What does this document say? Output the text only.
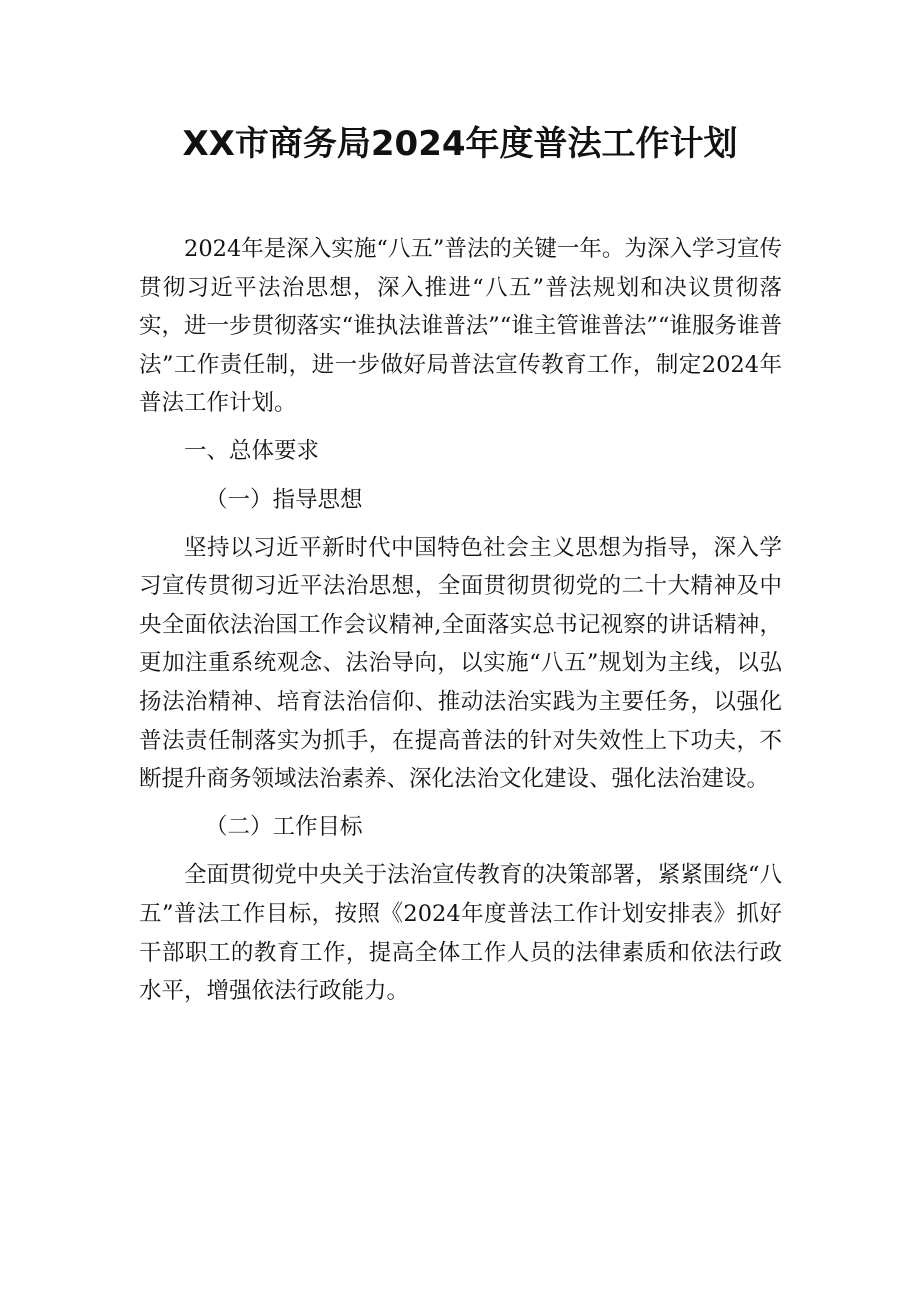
XX市商务局2024年度普法工作计划

2024年是深入实施“八五”普法的关键一年。为深入学习宣传贯彻习近平法治思想，深入推进“八五”普法规划和决议贯彻落实，进一步贯彻落实“谁执法谁普法”“谁主管谁普法”“谁服务谁普法”工作责任制，进一步做好局普法宣传教育工作，制定2024年普法工作计划。

一、总体要求

（一）指导思想

坚持以习近平新时代中国特色社会主义思想为指导，深入学习宣传贯彻习近平法治思想，全面贯彻贯彻党的二十大精神及中央全面依法治国工作会议精神,全面落实总书记视察的讲话精神，更加注重系统观念、法治导向，以实施“八五”规划为主线，以弘扬法治精神、培育法治信仰、推动法治实践为主要任务，以强化普法责任制落实为抓手，在提高普法的针对失效性上下功夫，不断提升商务领域法治素养、深化法治文化建设、强化法治建设。

（二）工作目标

全面贯彻党中央关于法治宣传教育的决策部署，紧紧围绕“八五”普法工作目标，按照《2024年度普法工作计划安排表》抓好干部职工的教育工作，提高全体工作人员的法律素质和依法行政水平，增强依法行政能力。
